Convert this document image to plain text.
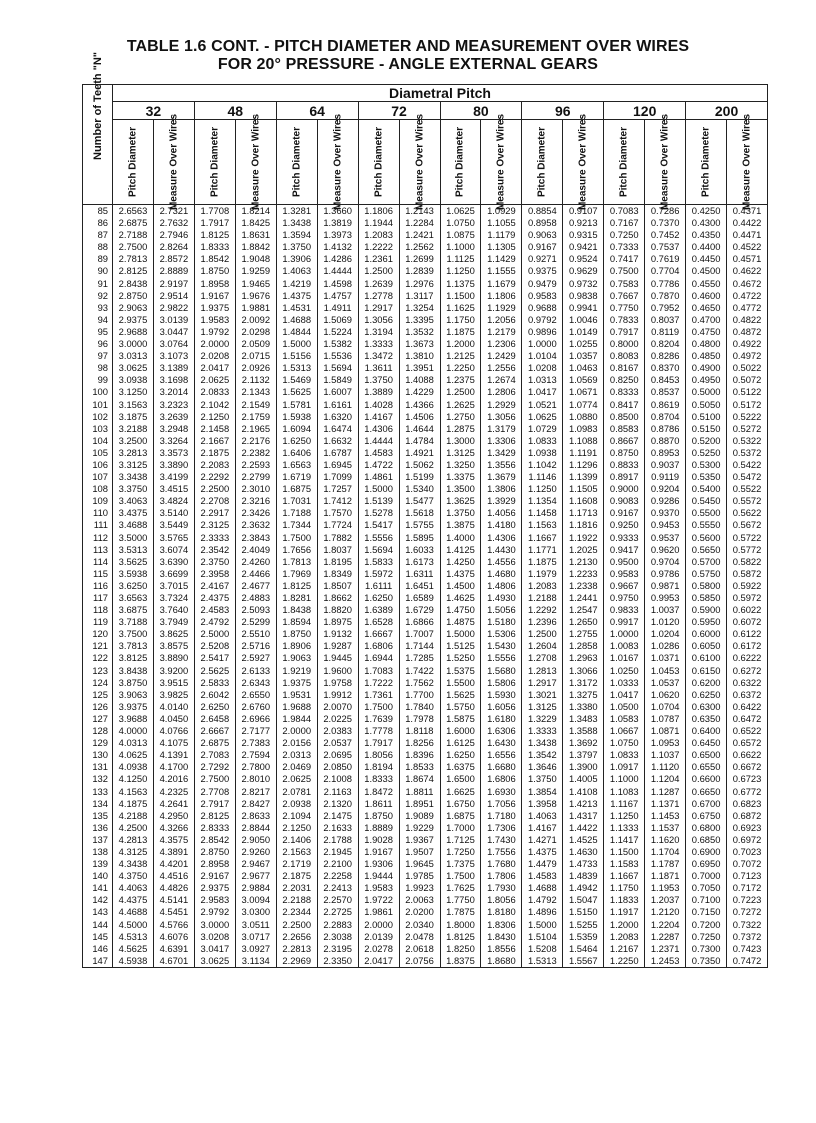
TABLE 1.6 CONT. - PITCH DIAMETER AND MEASUREMENT OVER WIRES
FOR 20° PRESSURE - ANGLE EXTERNAL GEARS
Number of Teeth "N"	Diametral Pitch															
	32		48		64		72		80		96		120		200	

	Pitch Diameter	Measure Over Wires	Pitch Diameter	Measure Over Wires	Pitch Diameter	Measure Over Wires	Pitch Diameter	Measure Over Wires	Pitch Diameter	Measure Over Wires	Pitch Diameter	Measure Over Wires	Pitch Diameter	Measure Over Wires	Pitch Diameter	Measure Over Wires

85	2.6563	2.7321	1.7708	1.8214	1.3281	1.3660	1.1806	1.2143	1.0625	1.0929	0.8854	0.9107	0.7083	0.7286	0.4250	0.4371
86	2.6875	2.7632	1.7917	1.8425	1.3438	1.3819	1.1944	1.2284	1.0750	1.1055	0.8958	0.9213	0.7167	0.7370	0.4300	0.4422
87	2.7188	2.7946	1.8125	1.8631	1.3594	1.3973	1.2083	1.2421	1.0875	1.1179	0.9063	0.9315	0.7250	0.7452	0.4350	0.4471
88	2.7500	2.8264	1.8333	1.8842	1.3750	1.4132	1.2222	1.2562	1.1000	1.1305	0.9167	0.9421	0.7333	0.7537	0.4400	0.4522
89	2.7813	2.8572	1.8542	1.9048	1.3906	1.4286	1.2361	1.2699	1.1125	1.1429	0.9271	0.9524	0.7417	0.7619	0.4450	0.4571
90	2.8125	2.8889	1.8750	1.9259	1.4063	1.4444	1.2500	1.2839	1.1250	1.1555	0.9375	0.9629	0.7500	0.7704	0.4500	0.4622
91	2.8438	2.9197	1.8958	1.9465	1.4219	1.4598	1.2639	1.2976	1.1375	1.1679	0.9479	0.9732	0.7583	0.7786	0.4550	0.4672
92	2.8750	2.9514	1.9167	1.9676	1.4375	1.4757	1.2778	1.3117	1.1500	1.1806	0.9583	0.9838	0.7667	0.7870	0.4600	0.4722
93	2.9063	2.9822	1.9375	1.9881	1.4531	1.4911	1.2917	1.3254	1.1625	1.1929	0.9688	0.9941	0.7750	0.7952	0.4650	0.4772
94	2.9375	3.0139	1.9583	2.0092	1.4688	1.5069	1.3056	1.3395	1.1750	1.2056	0.9792	1.0046	0.7833	0.8037	0.4700	0.4822
95	2.9688	3.0447	1.9792	2.0298	1.4844	1.5224	1.3194	1.3532	1.1875	1.2179	0.9896	1.0149	0.7917	0.8119	0.4750	0.4872
96	3.0000	3.0764	2.0000	2.0509	1.5000	1.5382	1.3333	1.3673	1.2000	1.2306	1.0000	1.0255	0.8000	0.8204	0.4800	0.4922
97	3.0313	3.1073	2.0208	2.0715	1.5156	1.5536	1.3472	1.3810	1.2125	1.2429	1.0104	1.0357	0.8083	0.8286	0.4850	0.4972
98	3.0625	3.1389	2.0417	2.0926	1.5313	1.5694	1.3611	1.3951	1.2250	1.2556	1.0208	1.0463	0.8167	0.8370	0.4900	0.5022
99	3.0938	3.1698	2.0625	2.1132	1.5469	1.5849	1.3750	1.4088	1.2375	1.2674	1.0313	1.0569	0.8250	0.8453	0.4950	0.5072
100	3.1250	3.2014	2.0833	2.1343	1.5625	1.6007	1.3889	1.4229	1.2500	1.2806	1.0417	1.0671	0.8333	0.8537	0.5000	0.5122
101	3.1563	3.2323	2.1042	2.1549	1.5781	1.6161	1.4028	1.4366	1.2625	1.2929	1.0521	1.0774	0.8417	0.8619	0.5050	0.5172
102	3.1875	3.2639	2.1250	2.1759	1.5938	1.6320	1.4167	1.4506	1.2750	1.3056	1.0625	1.0880	0.8500	0.8704	0.5100	0.5222
103	3.2188	3.2948	2.1458	2.1965	1.6094	1.6474	1.4306	1.4644	1.2875	1.3179	1.0729	1.0983	0.8583	0.8786	0.5150	0.5272
104	3.2500	3.3264	2.1667	2.2176	1.6250	1.6632	1.4444	1.4784	1.3000	1.3306	1.0833	1.1088	0.8667	0.8870	0.5200	0.5322
105	3.2813	3.3573	2.1875	2.2382	1.6406	1.6787	1.4583	1.4921	1.3125	1.3429	1.0938	1.1191	0.8750	0.8953	0.5250	0.5372
106	3.3125	3.3890	2.2083	2.2593	1.6563	1.6945	1.4722	1.5062	1.3250	1.3556	1.1042	1.1296	0.8833	0.9037	0.5300	0.5422
107	3.3438	3.4199	2.2292	2.2799	1.6719	1.7099	1.4861	1.5199	1.3375	1.3679	1.1146	1.1399	0.8917	0.9119	0.5350	0.5472
108	3.3750	3.4515	2.2500	2.3010	1.6875	1.7257	1.5000	1.5340	1.3500	1.3806	1.1250	1.1505	0.9000	0.9204	0.5400	0.5522
109	3.4063	3.4824	2.2708	2.3216	1.7031	1.7412	1.5139	1.5477	1.3625	1.3929	1.1354	1.1608	0.9083	0.9286	0.5450	0.5572
110	3.4375	3.5140	2.2917	2.3426	1.7188	1.7570	1.5278	1.5618	1.3750	1.4056	1.1458	1.1713	0.9167	0.9370	0.5500	0.5622
111	3.4688	3.5449	2.3125	2.3632	1.7344	1.7724	1.5417	1.5755	1.3875	1.4180	1.1563	1.1816	0.9250	0.9453	0.5550	0.5672
112	3.5000	3.5765	2.3333	2.3843	1.7500	1.7882	1.5556	1.5895	1.4000	1.4306	1.1667	1.1922	0.9333	0.9537	0.5600	0.5722
113	3.5313	3.6074	2.3542	2.4049	1.7656	1.8037	1.5694	1.6033	1.4125	1.4430	1.1771	1.2025	0.9417	0.9620	0.5650	0.5772
114	3.5625	3.6390	2.3750	2.4260	1.7813	1.8195	1.5833	1.6173	1.4250	1.4556	1.1875	1.2130	0.9500	0.9704	0.5700	0.5822
115	3.5938	3.6699	2.3958	2.4466	1.7969	1.8349	1.5972	1.6311	1.4375	1.4680	1.1979	1.2233	0.9583	0.9786	0.5750	0.5872
116	3.6250	3.7015	2.4167	2.4677	1.8125	1.8507	1.6111	1.6451	1.4500	1.4806	1.2083	1.2338	0.9667	0.9871	0.5800	0.5922
117	3.6563	3.7324	2.4375	2.4883	1.8281	1.8662	1.6250	1.6589	1.4625	1.4930	1.2188	1.2441	0.9750	0.9953	0.5850	0.5972
118	3.6875	3.7640	2.4583	2.5093	1.8438	1.8820	1.6389	1.6729	1.4750	1.5056	1.2292	1.2547	0.9833	1.0037	0.5900	0.6022
119	3.7188	3.7949	2.4792	2.5299	1.8594	1.8975	1.6528	1.6866	1.4875	1.5180	1.2396	1.2650	0.9917	1.0120	0.5950	0.6072
120	3.7500	3.8625	2.5000	2.5510	1.8750	1.9132	1.6667	1.7007	1.5000	1.5306	1.2500	1.2755	1.0000	1.0204	0.6000	0.6122
121	3.7813	3.8575	2.5208	2.5716	1.8906	1.9287	1.6806	1.7144	1.5125	1.5430	1.2604	1.2858	1.0083	1.0286	0.6050	0.6172
122	3.8125	3.8890	2.5417	2.5927	1.9063	1.9445	1.6944	1.7285	1.5250	1.5556	1.2708	1.2963	1.0167	1.0371	0.6100	0.6222
123	3.8438	3.9200	2.5625	2.6133	1.9219	1.9600	1.7083	1.7422	1.5375	1.5680	1.2813	1.3066	1.0250	1.0453	0.6150	0.6272
124	3.8750	3.9515	2.5833	2.6343	1.9375	1.9758	1.7222	1.7562	1.5500	1.5806	1.2917	1.3172	1.0333	1.0537	0.6200	0.6322
125	3.9063	3.9825	2.6042	2.6550	1.9531	1.9912	1.7361	1.7700	1.5625	1.5930	1.3021	1.3275	1.0417	1.0620	0.6250	0.6372
126	3.9375	4.0140	2.6250	2.6760	1.9688	2.0070	1.7500	1.7840	1.5750	1.6056	1.3125	1.3380	1.0500	1.0704	0.6300	0.6422
127	3.9688	4.0450	2.6458	2.6966	1.9844	2.0225	1.7639	1.7978	1.5875	1.6180	1.3229	1.3483	1.0583	1.0787	0.6350	0.6472
128	4.0000	4.0766	2.6667	2.7177	2.0000	2.0383	1.7778	1.8118	1.6000	1.6306	1.3333	1.3588	1.0667	1.0871	0.6400	0.6522
129	4.0313	4.1075	2.6875	2.7383	2.0156	2.0537	1.7917	1.8256	1.6125	1.6430	1.3438	1.3692	1.0750	1.0953	0.6450	0.6572
130	4.0625	4.1391	2.7083	2.7594	2.0313	2.0695	1.8056	1.8396	1.6250	1.6556	1.3542	1.3797	1.0833	1.1037	0.6500	0.6622
131	4.0938	4.1700	2.7292	2.7800	2.0469	2.0850	1.8194	1.8533	1.6375	1.6680	1.3646	1.3900	1.0917	1.1120	0.6550	0.6672
132	4.1250	4.2016	2.7500	2.8010	2.0625	2.1008	1.8333	1.8674	1.6500	1.6806	1.3750	1.4005	1.1000	1.1204	0.6600	0.6723
133	4.1563	4.2325	2.7708	2.8217	2.0781	2.1163	1.8472	1.8811	1.6625	1.6930	1.3854	1.4108	1.1083	1.1287	0.6650	0.6772
134	4.1875	4.2641	2.7917	2.8427	2.0938	2.1320	1.8611	1.8951	1.6750	1.7056	1.3958	1.4213	1.1167	1.1371	0.6700	0.6823
135	4.2188	4.2950	2.8125	2.8633	2.1094	2.1475	1.8750	1.9089	1.6875	1.7180	1.4063	1.4317	1.1250	1.1453	0.6750	0.6872
136	4.2500	4.3266	2.8333	2.8844	2.1250	2.1633	1.8889	1.9229	1.7000	1.7306	1.4167	1.4422	1.1333	1.1537	0.6800	0.6923
137	4.2813	4.3575	2.8542	2.9050	2.1406	2.1788	1.9028	1.9367	1.7125	1.7430	1.4271	1.4525	1.1417	1.1620	0.6850	0.6972
138	4.3125	4.3891	2.8750	2.9260	2.1563	2.1945	1.9167	1.9507	1.7250	1.7556	1.4375	1.4630	1.1500	1.1704	0.6900	0.7023
139	4.3438	4.4201	2.8958	2.9467	2.1719	2.2100	1.9306	1.9645	1.7375	1.7680	1.4479	1.4733	1.1583	1.1787	0.6950	0.7072
140	4.3750	4.4516	2.9167	2.9677	2.1875	2.2258	1.9444	1.9785	1.7500	1.7806	1.4583	1.4839	1.1667	1.1871	0.7000	0.7123
141	4.4063	4.4826	2.9375	2.9884	2.2031	2.2413	1.9583	1.9923	1.7625	1.7930	1.4688	1.4942	1.1750	1.1953	0.7050	0.7172
142	4.4375	4.5141	2.9583	3.0094	2.2188	2.2570	1.9722	2.0063	1.7750	1.8056	1.4792	1.5047	1.1833	1.2037	0.7100	0.7223
143	4.4688	4.5451	2.9792	3.0300	2.2344	2.2725	1.9861	2.0200	1.7875	1.8180	1.4896	1.5150	1.1917	1.2120	0.7150	0.7272
144	4.5000	4.5766	3.0000	3.0511	2.2500	2.2883	2.0000	2.0340	1.8000	1.8306	1.5000	1.5255	1.2000	1.2204	0.7200	0.7322
145	4.5313	4.6076	3.0208	3.0717	2.2656	2.3038	2.0139	2.0478	1.8125	1.8430	1.5104	1.5359	1.2083	1.2287	0.7250	0.7372
146	4.5625	4.6391	3.0417	3.0927	2.2813	2.3195	2.0278	2.0618	1.8250	1.8556	1.5208	1.5464	1.2167	1.2371	0.7300	0.7423
147	4.5938	4.6701	3.0625	3.1134	2.2969	2.3350	2.0417	2.0756	1.8375	1.8680	1.5313	1.5567	1.2250	1.2453	0.7350	0.7472
